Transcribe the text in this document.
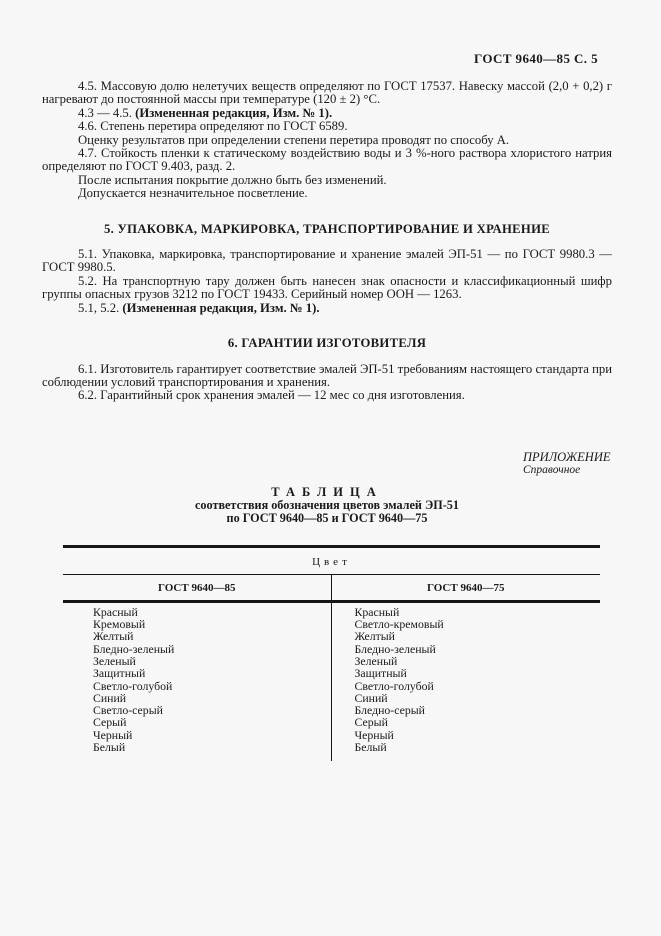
ГОСТ 9640—85 С. 5

4.5. Массовую долю нелетучих веществ определяют по ГОСТ 17537. Навеску массой (2,0 + 0,2) г нагревают до постоянной массы при температуре (120 ± 2) °С.

4.3 — 4.5. (Измененная редакция, Изм. № 1).

4.6. Степень перетира определяют по ГОСТ 6589.

Оценку результатов при определении степени перетира проводят по способу А.

4.7. Стойкость пленки к статическому воздействию воды и 3 %-ного раствора хлористого натрия определяют по ГОСТ 9.403, разд. 2.

После испытания покрытие должно быть без изменений.

Допускается незначительное посветление.

5. УПАКОВКА, МАРКИРОВКА, ТРАНСПОРТИРОВАНИЕ И ХРАНЕНИЕ

5.1. Упаковка, маркировка, транспортирование и хранение эмалей ЭП-51 — по ГОСТ 9980.3 — ГОСТ 9980.5.

5.2. На транспортную тару должен быть нанесен знак опасности и классификационный шифр группы опасных грузов 3212 по ГОСТ 19433. Серийный номер ООН — 1263.

5.1, 5.2. (Измененная редакция, Изм. № 1).

6. ГАРАНТИИ ИЗГОТОВИТЕЛЯ

6.1. Изготовитель гарантирует соответствие эмалей ЭП-51 требованиям настоящего стандарта при соблюдении условий транспортирования и хранения.

6.2. Гарантийный срок хранения эмалей — 12 мес со дня изготовления.

ПРИЛОЖЕНИЕ
Справочное
ТАБЛИЦА
соответствия обозначения цветов эмалей ЭП-51
по ГОСТ 9640—85 и ГОСТ 9640—75
Цвет
ГОСТ 9640—85	ГОСТ 9640—75
Красный
Кремовый
Желтый
Бледно-зеленый
Зеленый
Защитный
Светло-голубой
Синий
Светло-серый
Серый
Черный
Белый
Красный
Светло-кремовый
Желтый
Бледно-зеленый
Зеленый
Защитный
Светло-голубой
Синий
Бледно-серый
Серый
Черный
Белый
